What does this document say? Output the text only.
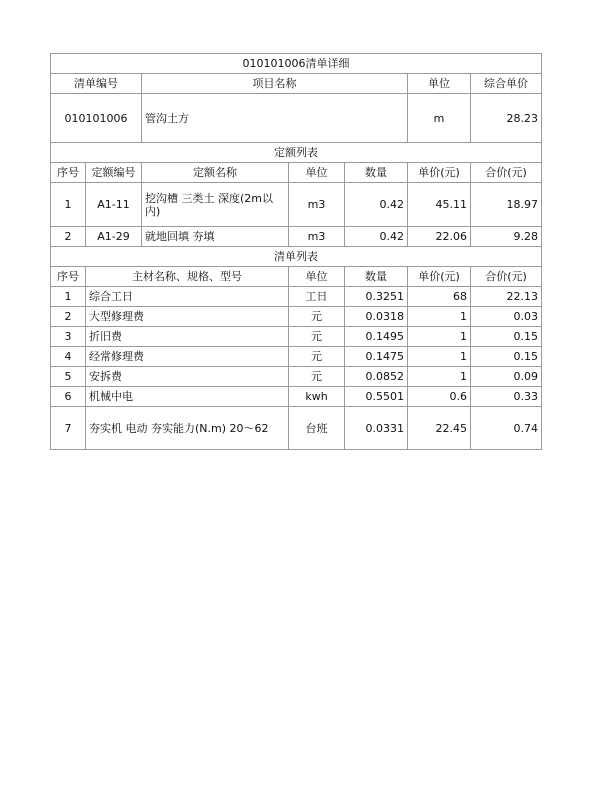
010101006清单详细						
清单编号		项目名称			单位	综合单价
010101006		管沟土方			m	28.23
定额列表						
序号	定额编号	定额名称	单位	数量	单价(元)	合价(元)
1	A1-11	挖沟槽 三类土 深度(2m以内)	m3	0.42	45.11	18.97
2	A1-29	就地回填 夯填	m3	0.42	22.06	9.28
清单列表						
序号	主材名称、规格、型号		单位	数量	单价(元)	合价(元)
1	综合工日		工日	0.3251	68	22.13
2	大型修理费		元	0.0318	1	0.03
3	折旧费		元	0.1495	1	0.15
4	经常修理费		元	0.1475	1	0.15
5	安拆费		元	0.0852	1	0.09
6	机械中电		kwh	0.5501	0.6	0.33
7	夯实机 电动 夯实能力(N.m) 20～62		台班	0.0331	22.45	0.74
